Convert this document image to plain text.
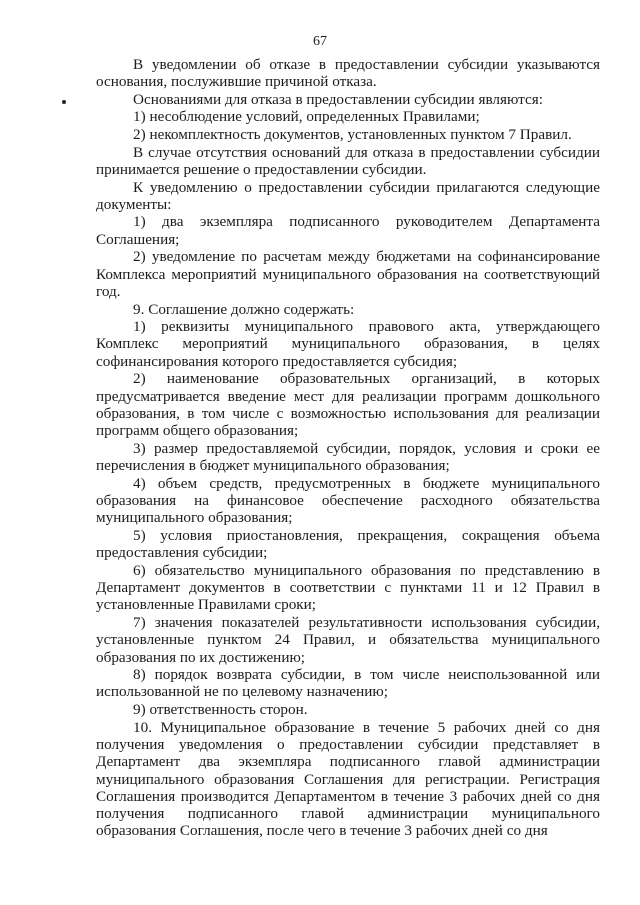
67

В уведомлении об отказе в предоставлении субсидии указываются основания, послужившие причиной отказа.

Основаниями для отказа в предоставлении субсидии являются:

1) несоблюдение условий, определенных Правилами;

2) некомплектность документов, установленных пунктом 7 Правил.

В случае отсутствия оснований для отказа в предоставлении субсидии принимается решение о предоставлении субсидии.

К уведомлению о предоставлении субсидии прилагаются следующие документы:

1) два экземпляра подписанного руководителем Департамента Соглашения;

2) уведомление по расчетам между бюджетами на софинансирование Комплекса мероприятий муниципального образования на соответствующий год.

9. Соглашение должно содержать:

1) реквизиты муниципального правового акта, утверждающего Комплекс мероприятий муниципального образования, в целях софинансирования которого предоставляется субсидия;

2) наименование образовательных организаций, в которых предусматривается введение мест для реализации программ дошкольного образования, в том числе с возможностью использования для реализации программ общего образования;

3) размер предоставляемой субсидии, порядок, условия и сроки ее перечисления в бюджет муниципального образования;

4) объем средств, предусмотренных в бюджете муниципального образования на финансовое обеспечение расходного обязательства муниципального образования;

5) условия приостановления, прекращения, сокращения объема предоставления субсидии;

6) обязательство муниципального образования по представлению в Департамент документов в соответствии с пунктами 11 и 12 Правил в установленные Правилами сроки;

7) значения показателей результативности использования субсидии, установленные пунктом 24 Правил, и обязательства муниципального образования по их достижению;

8) порядок возврата субсидии, в том числе неиспользованной или использованной не по целевому назначению;

9) ответственность сторон.

10. Муниципальное образование в течение 5 рабочих дней со дня получения уведомления о предоставлении субсидии представляет в Департамент два экземпляра подписанного главой администрации муниципального образования Соглашения для регистрации. Регистрация Соглашения производится Департаментом в течение 3 рабочих дней со дня получения подписанного главой администрации муниципального образования Соглашения, после чего в течение 3 рабочих дней со дня
